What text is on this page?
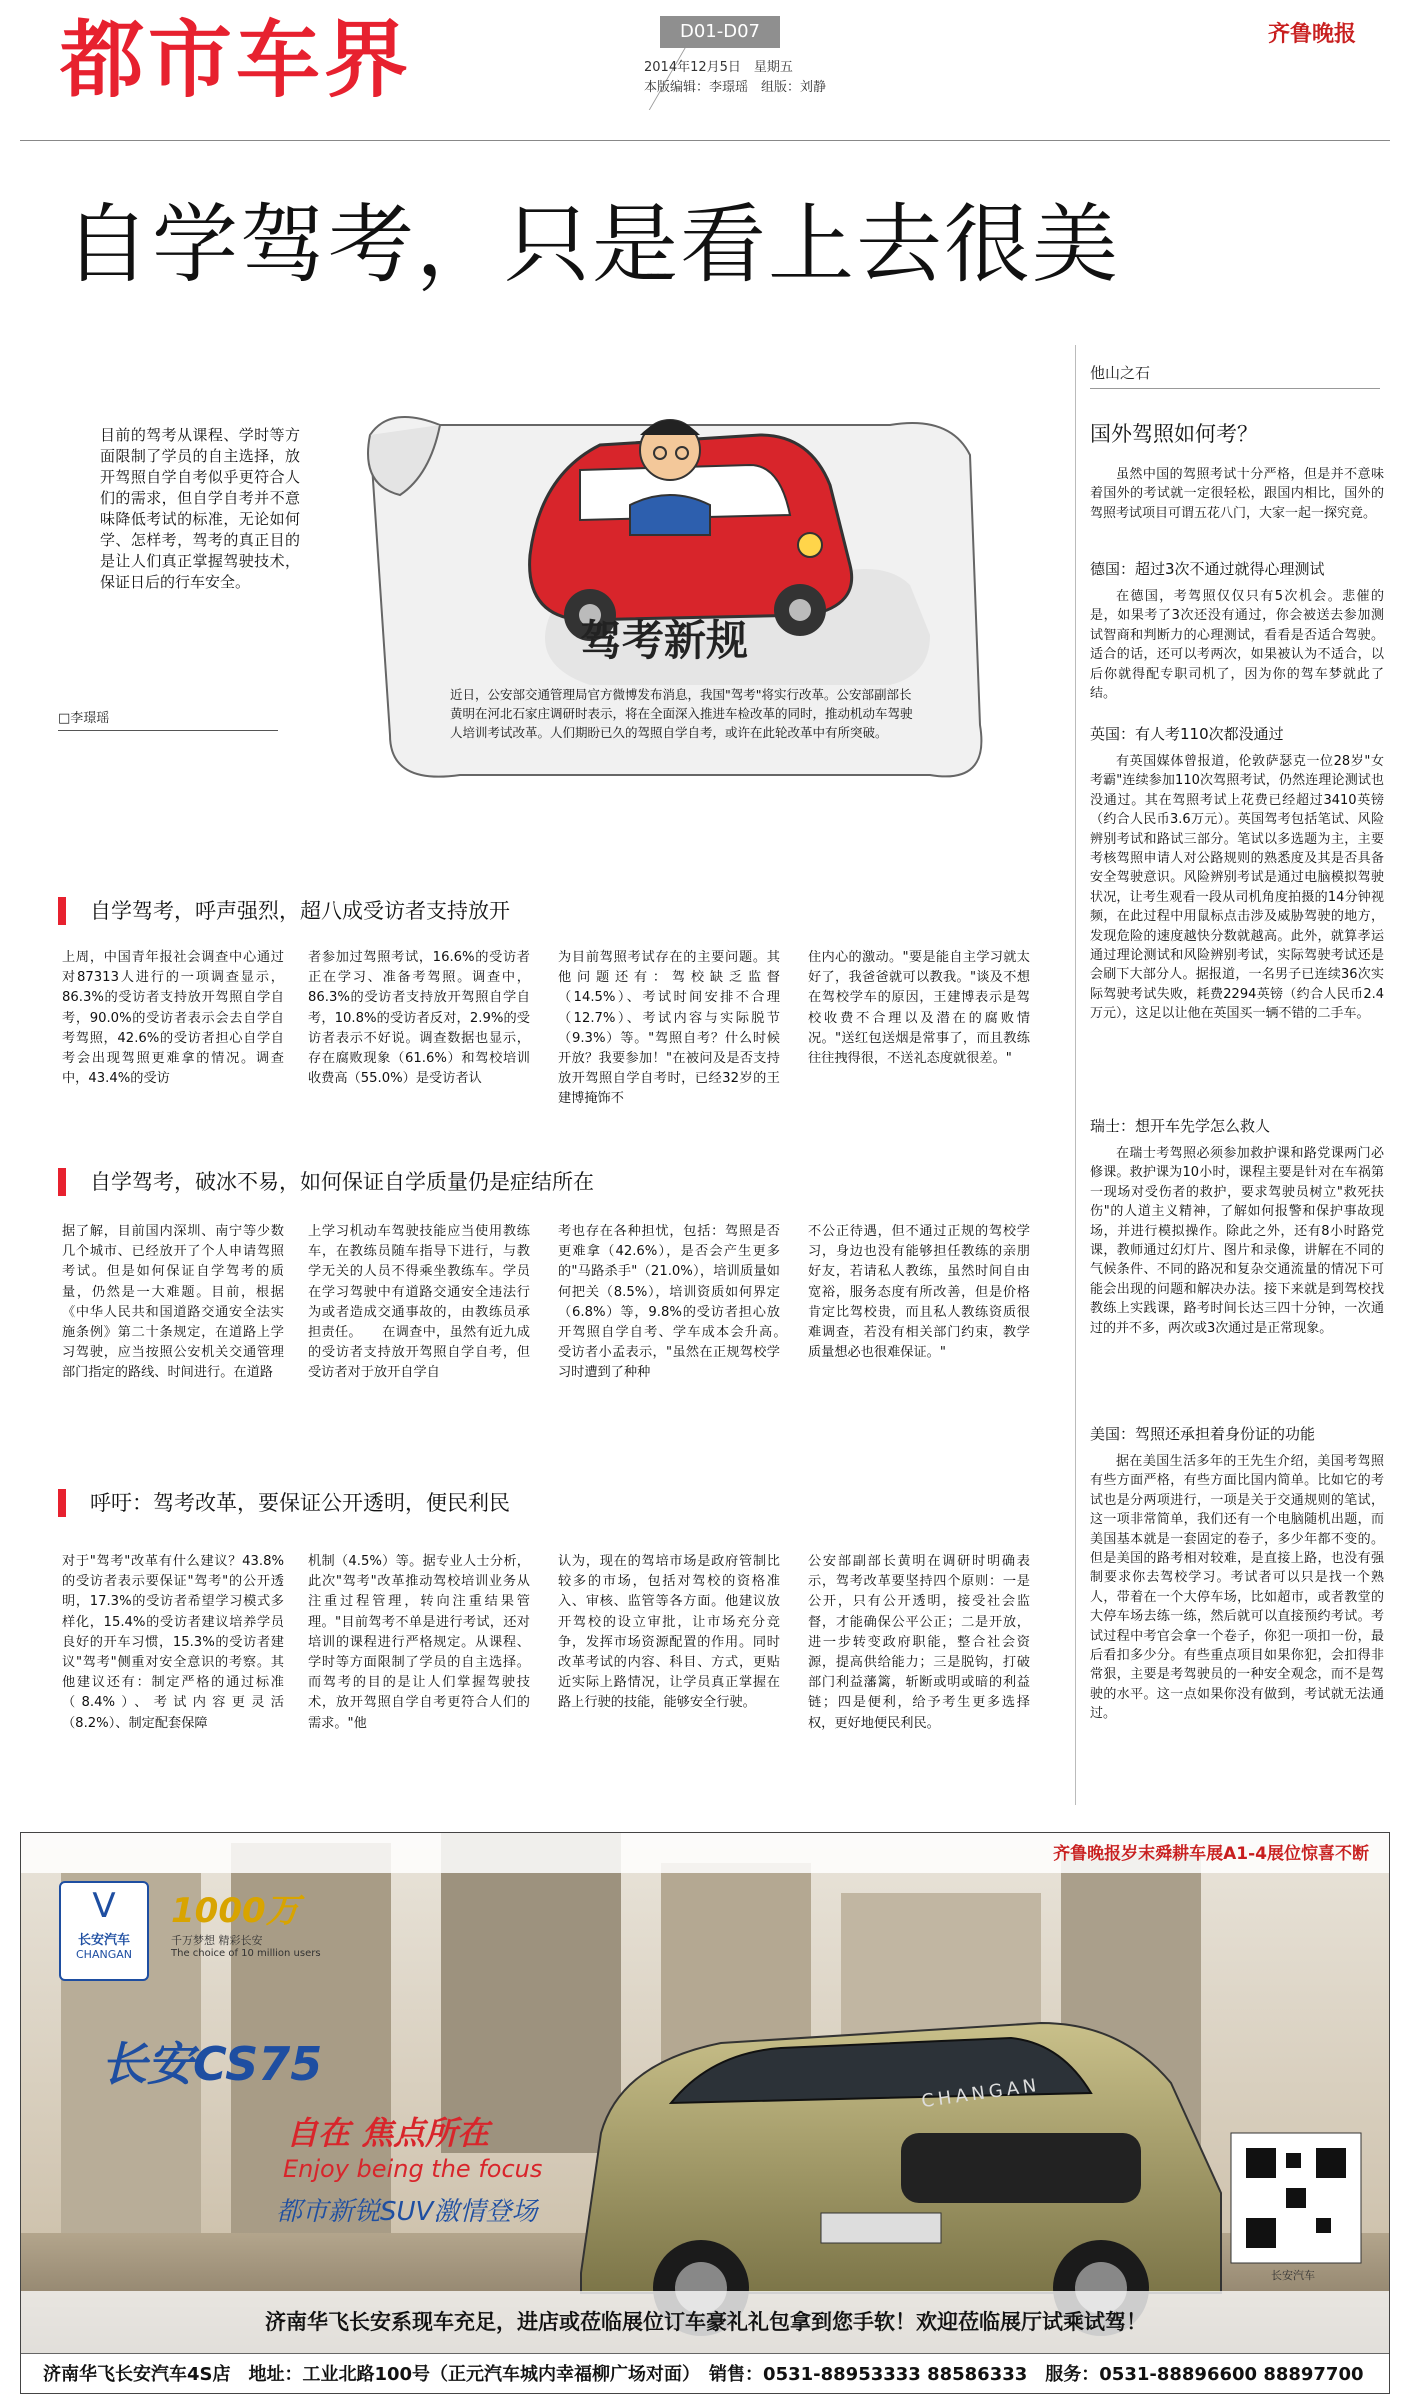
都市车界	D01-D07
2014年12月5日　星期五
本版编辑：李璟瑶　组版：刘静
齐鲁晚报
自学驾考，只是看上去很美
目前的驾考从课程、学时等方面限制了学员的自主选择，放开驾照自学自考似乎更符合人们的需求，但自学自考并不意味降低考试的标准，无论如何学、怎样考，驾考的真正目的是让人们真正掌握驾驶技术，保证日后的行车安全。
□李璟瑶
驾考新规
近日，公安部交通管理局官方微博发布消息，我国"驾考"将实行改革。公安部副部长黄明在河北石家庄调研时表示，将在全面深入推进车检改革的同时，推动机动车驾驶人培训考试改革。人们期盼已久的驾照自学自考，或许在此轮改革中有所突破。
自学驾考，呼声强烈，超八成受访者支持放开
上周，中国青年报社会调查中心通过对87313人进行的一项调查显示，86.3%的受访者支持放开驾照自学自考，90.0%的受访者表示会去自学自考驾照，42.6%的受访者担心自学自考会出现驾照更难拿的情况。调查中，43.4%的受访
者参加过驾照考试，16.6%的受访者正在学习、准备考驾照。调查中，86.3%的受访者支持放开驾照自学自考，10.8%的受访者反对，2.9%的受访者表示不好说。调查数据也显示，存在腐败现象（61.6%）和驾校培训收费高（55.0%）是受访者认
为目前驾照考试存在的主要问题。其他问题还有：驾校缺乏监督（14.5%）、考试时间安排不合理（12.7%）、考试内容与实际脱节（9.3%）等。"驾照自考？什么时候开放？我要参加！"在被问及是否支持放开驾照自学自考时，已经32岁的王建博掩饰不
住内心的激动。"要是能自主学习就太好了，我爸爸就可以教我。"谈及不想在驾校学车的原因，王建博表示是驾校收费不合理以及潜在的腐败情况。"送红包送烟是常事了，而且教练往往拽得很，不送礼态度就很差。"
自学驾考，破冰不易，如何保证自学质量仍是症结所在
据了解，目前国内深圳、南宁等少数几个城市、已经放开了个人申请驾照考试。但是如何保证自学驾考的质量，仍然是一大难题。目前，根据《中华人民共和国道路交通安全法实施条例》第二十条规定，在道路上学习驾驶，应当按照公安机关交通管理部门指定的路线、时间进行。在道路
上学习机动车驾驶技能应当使用教练车，在教练员随车指导下进行，与教学无关的人员不得乘坐教练车。学员在学习驾驶中有道路交通安全违法行为或者造成交通事故的，由教练员承担责任。　　在调查中，虽然有近九成的受访者支持放开驾照自学自考，但受访者对于放开自学自
考也存在各种担忧，包括：驾照是否更难拿（42.6%），是否会产生更多的"马路杀手"（21.0%），培训质量如何把关（8.5%），培训资质如何界定（6.8%）等，9.8%的受访者担心放开驾照自学自考、学车成本会升高。　　受访者小孟表示，"虽然在正规驾校学习时遭到了种种
不公正待遇，但不通过正规的驾校学习，身边也没有能够担任教练的亲朋好友，若请私人教练，虽然时间自由宽裕，服务态度有所改善，但是价格肯定比驾校贵，而且私人教练资质很难调查，若没有相关部门约束，教学质量想必也很难保证。"
呼吁：驾考改革，要保证公开透明，便民利民
对于"驾考"改革有什么建议？43.8%的受访者表示要保证"驾考"的公开透明，17.3%的受访者希望学习模式多样化，15.4%的受访者建议培养学员良好的开车习惯，15.3%的受访者建议"驾考"侧重对安全意识的考察。其他建议还有：制定严格的通过标准（8.4%）、考试内容更灵活（8.2%）、制定配套保障
机制（4.5%）等。据专业人士分析，此次"驾考"改革推动驾校培训业务从注重过程管理，转向注重结果管理。"目前驾考不单是进行考试，还对培训的课程进行严格规定。从课程、学时等方面限制了学员的自主选择。而驾考的目的是让人们掌握驾驶技术，放开驾照自学自考更符合人们的需求。"他
认为，现在的驾培市场是政府管制比较多的市场，包括对驾校的资格准入、审核、监管等各方面。他建议放开驾校的设立审批，让市场充分竞争，发挥市场资源配置的作用。同时改革考试的内容、科目、方式，更贴近实际上路情况，让学员真正掌握在路上行驶的技能，能够安全行驶。
公安部副部长黄明在调研时明确表示，驾考改革要坚持四个原则：一是公开，只有公开透明，接受社会监督，才能确保公平公正；二是开放，进一步转变政府职能，整合社会资源，提高供给能力；三是脱钩，打破部门利益藩篱，斩断或明或暗的利益链；四是便利，给予考生更多选择权，更好地便民利民。
他山之石
国外驾照如何考？
虽然中国的驾照考试十分严格，但是并不意味着国外的考试就一定很轻松，跟国内相比，国外的驾照考试项目可谓五花八门，大家一起一探究竟。
德国：超过3次不通过就得心理测试
在德国，考驾照仅仅只有5次机会。悲催的是，如果考了3次还没有通过，你会被送去参加测试智商和判断力的心理测试，看看是否适合驾驶。适合的话，还可以考两次，如果被认为不适合，以后你就得配专职司机了，因为你的驾车梦就此了结。
英国：有人考110次都没通过
有英国媒体曾报道，伦敦萨瑟克一位28岁"女考霸"连续参加110次驾照考试，仍然连理论测试也没通过。其在驾照考试上花费已经超过3410英镑（约合人民币3.6万元）。英国驾考包括笔试、风险辨别考试和路试三部分。笔试以多选题为主，主要考核驾照申请人对公路规则的熟悉度及其是否具备安全驾驶意识。风险辨别考试是通过电脑模拟驾驶状况，让考生观看一段从司机角度拍摄的14分钟视频，在此过程中用鼠标点击涉及威胁驾驶的地方，发现危险的速度越快分数就越高。此外，就算孝运通过理论测试和风险辨别考试，实际驾驶考试还是会刷下大部分人。据报道，一名男子已连续36次实际驾驶考试失败，耗费2294英镑（约合人民币2.4万元），这足以让他在英国买一辆不错的二手车。
瑞士：想开车先学怎么救人
在瑞士考驾照必须参加救护课和路党课两门必修课。救护课为10小时，课程主要是针对在车祸第一现场对受伤者的救护，要求驾驶员树立"救死扶伤"的人道主义精神，了解如何报警和保护事故现场，并进行模拟操作。除此之外，还有8小时路党课，教师通过幻灯片、图片和录像，讲解在不同的气候条件、不同的路况和复杂交通流量的情况下可能会出现的问题和解决办法。接下来就是到驾校找教练上实践课，路考时间长达三四十分钟，一次通过的并不多，两次或3次通过是正常现象。
美国：驾照还承担着身份证的功能
据在美国生活多年的王先生介绍，美国考驾照有些方面严格，有些方面比国内简单。比如它的考试也是分两项进行，一项是关于交通规则的笔试，这一项非常简单，我们还有一个电脑随机出题，而美国基本就是一套固定的卷子，多少年都不变的。但是美国的路考相对较难，是直接上路，也没有强制要求你去驾校学习。考试者可以只是找一个熟人，带着在一个大停车场，比如超市，或者教堂的大停车场去练一练，然后就可以直接预约考试。考试过程中考官会拿一个卷子，你犯一项扣一份，最后看扣多少分。有些重点项目如果你犯，会扣得非常狠，主要是考驾驶员的一种安全观念，而不是驾驶的水平。这一点如果你没有做到，考试就无法通过。
齐鲁晚报岁末舜耕车展A1-4展位惊喜不断
V
长安汽车
CHANGAN
1000万
千万梦想 精彩长安
The choice of 10 million users
长安CS75
自在 焦点所在
Enjoy being the focus
都市新锐SUV激情登场
CHANGAN
长安汽车
济南华飞长安系现车充足，进店或莅临展位订车豪礼礼包拿到您手软！欢迎莅临展厅试乘试驾！
济南华飞长安汽车4S店　地址：工业北路100号（正元汽车城内幸福柳广场对面）　销售：0531-88953333 88586333　服务：0531-88896600 88897700
